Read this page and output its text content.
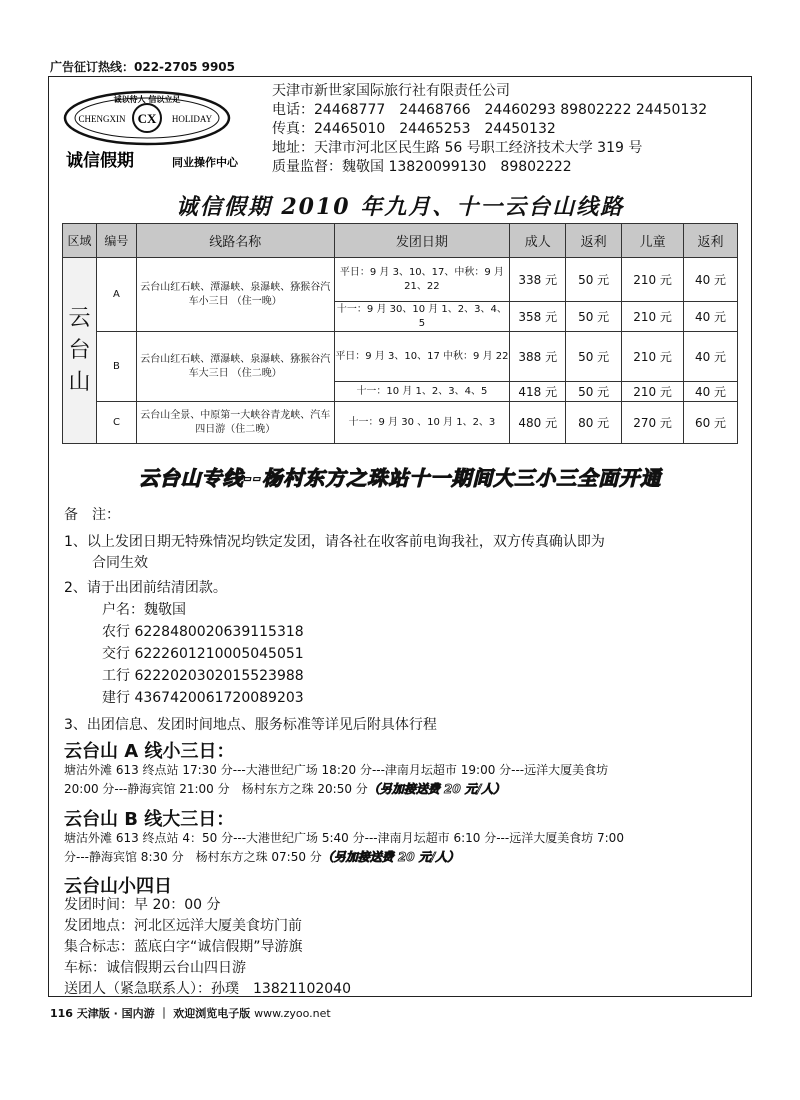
广告征订热线：022-2705 9905
CX
CHENGXIN	HOLIDAY
诚以待人 信以立足
诚信假期	同业操作中心
天津市新世家国际旅行社有限责任公司
电话：24468777　24468766　24460293 89802222 24450132
传真：24465010　24465253　24450132
地址：天津市河北区民生路 56 号职工经济技术大学 319 号
质量监督：魏敬国 13820099130　89802222
诚信假期 2010 年九月、十一云台山线路
区域	编号	线路名称	发团日期	成人	返利	儿童	返利
云台山	A	云台山红石峡、潭瀑峡、泉瀑峡、猕猴谷汽车小三日 （住一晚）	平日：9 月 3、10、17、中秋：9 月 21、22	338 元	50 元	210 元	40 元
			十一：9 月 30、10 月 1、2、3、4、5	358 元	50 元	210 元	40 元
	B	云台山红石峡、潭瀑峡、泉瀑峡、猕猴谷汽车大三日 （住二晚）	平日：9 月 3、10、17 中秋：9 月 22	388 元	50 元	210 元	40 元
			十一：10 月 1、2、3、4、5	418 元	50 元	210 元	40 元
	C	云台山全景、中原第一大峡谷青龙峡、汽车四日游（住二晚）	十一：9 月 30 、10 月 1、2、3	480 元	80 元	270 元	60 元
云台山专线--杨村东方之珠站十一期间大三小三全面开通

备　注：

1、以上发团日期无特殊情况均铁定发团，请各社在收客前电询我社，双方传真确认即为

合同生效

2、请于出团前结清团款。

户名：魏敬国

农行 6228480020639115318

交行 6222601210005045051

工行 6222020302015523988

建行 4367420061720089203

3、出团信息、发团时间地点、服务标准等详见后附具体行程

云台山 A 线小三日：
塘沽外滩 613 终点站 17:30 分---大港世纪广场 18:20 分---津南月坛超市 19:00 分---远洋大厦美食坊
20:00 分---静海宾馆 21:00 分　杨村东方之珠 20:50 分（另加接送费 20 元/人）
云台山 B 线大三日：
塘沽外滩 613 终点站 4：50 分---大港世纪广场 5:40 分---津南月坛超市 6:10 分---远洋大厦美食坊 7:00
分---静海宾馆 8:30 分　杨村东方之珠 07:50 分（另加接送费 20 元/人）
云台山小四日
发团时间：早 20：00 分
发团地点：河北区远洋大厦美食坊门前
集合标志：蓝底白字“诚信假期”导游旗
车标：诚信假期云台山四日游
送团人（紧急联系人）：孙璞　13821102040
116 天津版 · 国内游 ｜ 欢迎浏览电子版 www.zyoo.net
